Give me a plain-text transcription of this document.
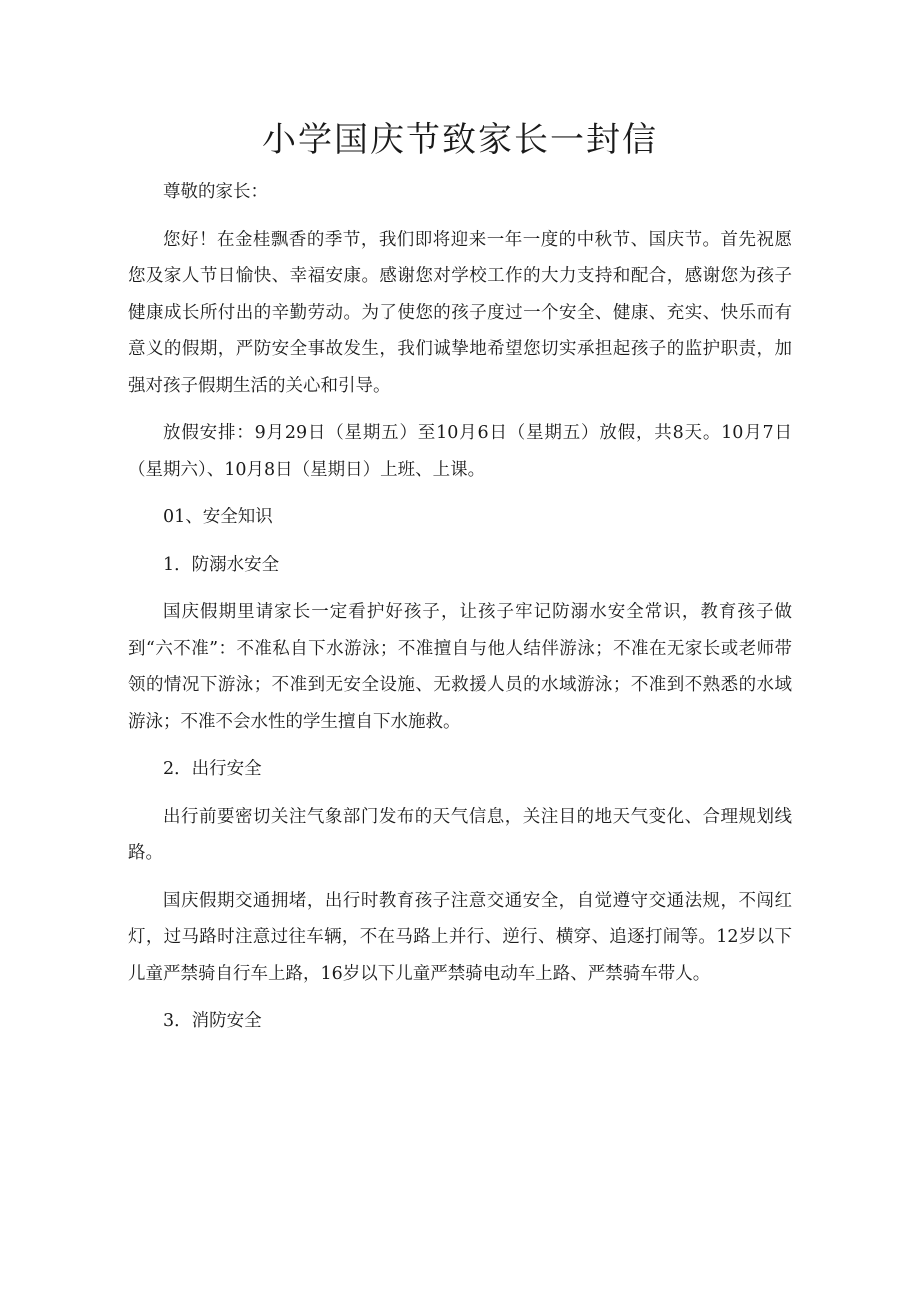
小学国庆节致家长一封信

尊敬的家长：

您好！在金桂飘香的季节，我们即将迎来一年一度的中秋节、国庆节。首先祝愿您及家人节日愉快、幸福安康。感谢您对学校工作的大力支持和配合，感谢您为孩子健康成长所付出的辛勤劳动。为了使您的孩子度过一个安全、健康、充实、快乐而有意义的假期，严防安全事故发生，我们诚挚地希望您切实承担起孩子的监护职责，加强对孩子假期生活的关心和引导。

放假安排：9月29日（星期五）至10月6日（星期五）放假，共8天。10月7日（星期六）、10月8日（星期日）上班、上课。

01、安全知识

1．防溺水安全

国庆假期里请家长一定看护好孩子，让孩子牢记防溺水安全常识，教育孩子做到“六不准”：不准私自下水游泳；不准擅自与他人结伴游泳；不准在无家长或老师带领的情况下游泳；不准到无安全设施、无救援人员的水域游泳；不准到不熟悉的水域游泳；不准不会水性的学生擅自下水施救。

2．出行安全

出行前要密切关注气象部门发布的天气信息，关注目的地天气变化、合理规划线路。

国庆假期交通拥堵，出行时教育孩子注意交通安全，自觉遵守交通法规，不闯红灯，过马路时注意过往车辆，不在马路上并行、逆行、横穿、追逐打闹等。12岁以下儿童严禁骑自行车上路，16岁以下儿童严禁骑电动车上路、严禁骑车带人。

3．消防安全
